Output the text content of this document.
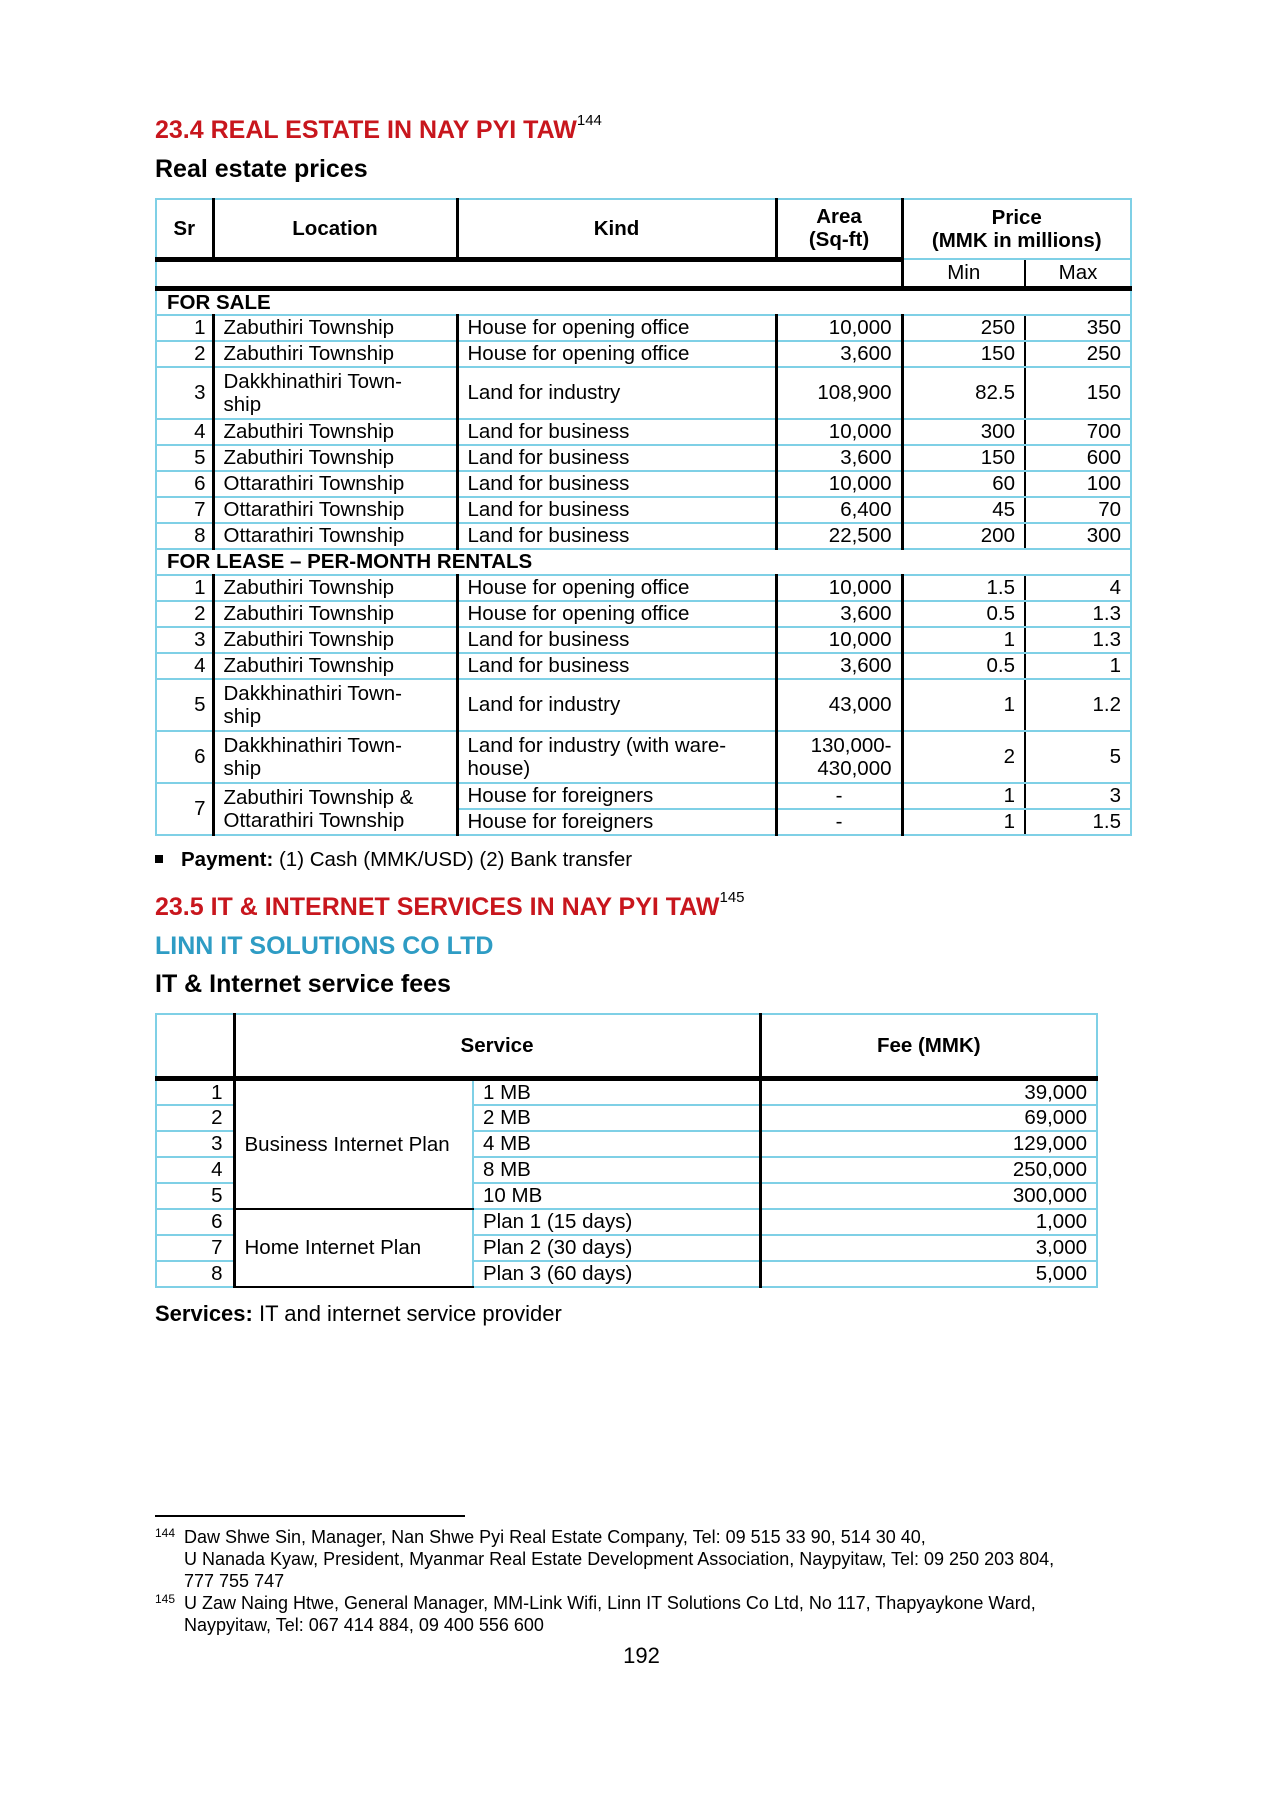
23.4 REAL ESTATE IN NAY PYI TAW$^{144}$
Real estate prices
Sr	Location	Kind	Area
(Sq-ft)	Price
(MMK in millions)	
				Min	Max
FOR SALE					
1	Zabuthiri Township	House for opening office	10,000	250	350
2	Zabuthiri Township	House for opening office	3,600	150	250
3	Dakkhinathiri Town-
ship	Land for industry	108,900	82.5	150
4	Zabuthiri Township	Land for business	10,000	300	700
5	Zabuthiri Township	Land for business	3,600	150	600
6	Ottarathiri Township	Land for business	10,000	60	100
7	Ottarathiri Township	Land for business	6,400	45	70
8	Ottarathiri Township	Land for business	22,500	200	300
FOR LEASE – PER-MONTH RENTALS					
1	Zabuthiri Township	House for opening office	10,000	1.5	4
2	Zabuthiri Township	House for opening office	3,600	0.5	1.3
3	Zabuthiri Township	Land for business	10,000	1	1.3
4	Zabuthiri Township	Land for business	3,600	0.5	1
5	Dakkhinathiri Town-
ship	Land for industry	43,000	1	1.2
6	Dakkhinathiri Town-
ship	Land for industry (with ware-
house)	130,000-
430,000	2	5
7	Zabuthiri Township &
Ottarathiri Township	House for foreigners	-	1	3
		House for foreigners	-	1	1.5
Payment: (1) Cash (MMK/USD) (2) Bank transfer
23.5 IT & INTERNET SERVICES IN NAY PYI TAW$^{145}$
LINN IT SOLUTIONS CO LTD
IT & Internet service fees
	Service		Fee (MMK)
1	Business Internet Plan	1 MB	39,000
2		2 MB	69,000
3		4 MB	129,000
4		8 MB	250,000
5		10 MB	300,000
6	Home Internet Plan	Plan 1 (15 days)	1,000
7		Plan 2 (30 days)	3,000
8		Plan 3 (60 days)	5,000
Services: IT and internet service provider
144 Daw Shwe Sin, Manager, Nan Shwe Pyi Real Estate Company, Tel: 09 515 33 90, 514 30 40,
U Nanada Kyaw, President, Myanmar Real Estate Development Association, Naypyitaw, Tel: 09 250 203 804,
777 755 747
145 U Zaw Naing Htwe, General Manager, MM-Link Wifi, Linn IT Solutions Co Ltd, No 117, Thapyaykone Ward,
Naypyitaw, Tel: 067 414 884, 09 400 556 600
192
